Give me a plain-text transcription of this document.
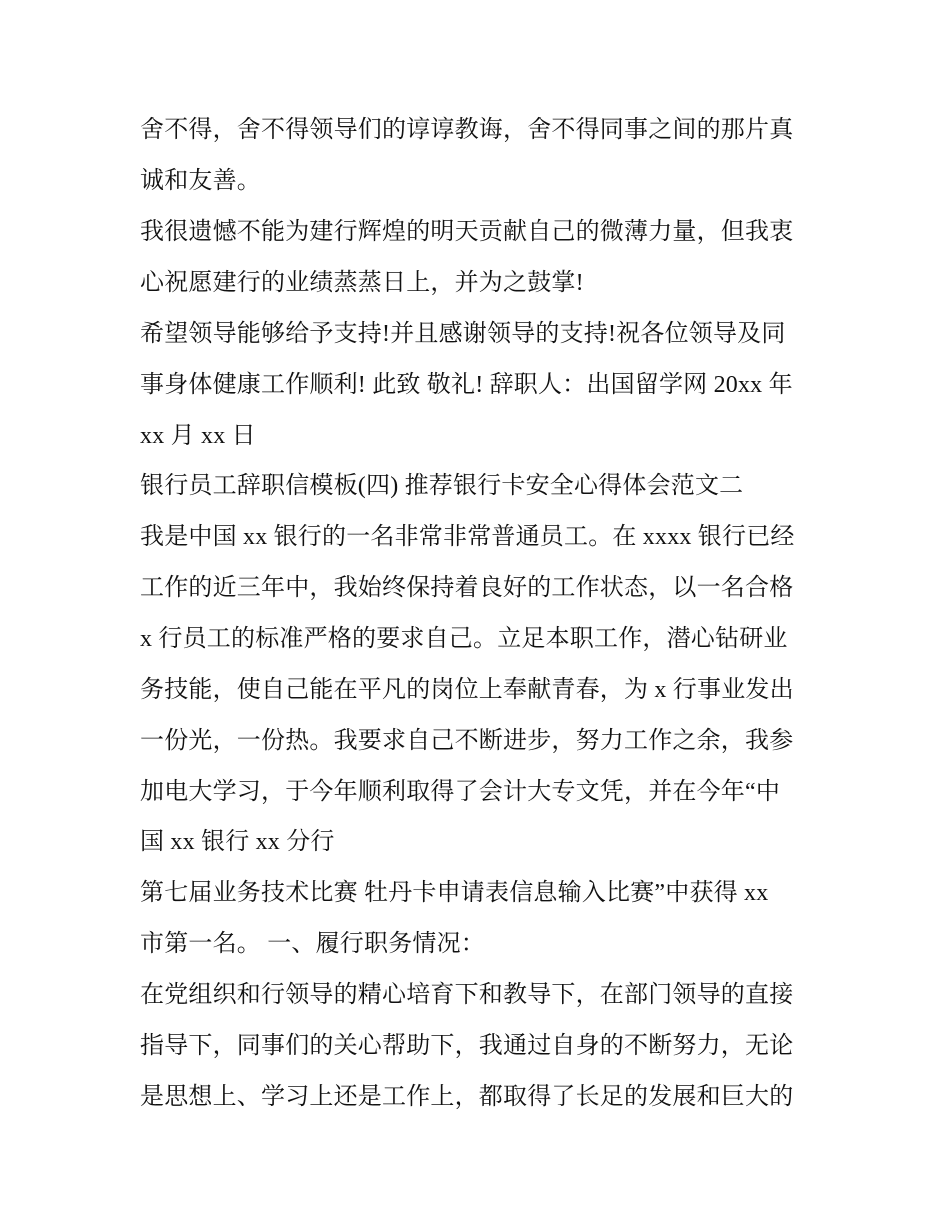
舍不得，舍不得领导们的谆谆教诲，舍不得同事之间的那片真
诚和友善。
我很遗憾不能为建行辉煌的明天贡献自己的微薄力量，但我衷
心祝愿建行的业绩蒸蒸日上，并为之鼓掌!
希望领导能够给予支持!并且感谢领导的支持!祝各位领导及同
事身体健康工作顺利! 此致 敬礼! 辞职人：出国留学网 20xx 年
xx 月 xx 日
银行员工辞职信模板(四) 推荐银行卡安全心得体会范文二
我是中国 xx 银行的一名非常非常普通员工。在 xxxx 银行已经
工作的近三年中，我始终保持着良好的工作状态，以一名合格
x 行员工的标准严格的要求自己。立足本职工作，潜心钻研业
务技能，使自己能在平凡的岗位上奉献青春，为 x 行事业发出
一份光，一份热。我要求自己不断进步，努力工作之余，我参
加电大学习，于今年顺利取得了会计大专文凭，并在今年“中
国 xx 银行 xx 分行
第七届业务技术比赛 牡丹卡申请表信息输入比赛”中获得 xx
市第一名。 一、履行职务情况：
在党组织和行领导的精心培育下和教导下，在部门领导的直接
指导下，同事们的关心帮助下，我通过自身的不断努力，无论
是思想上、学习上还是工作上，都取得了长足的发展和巨大的
